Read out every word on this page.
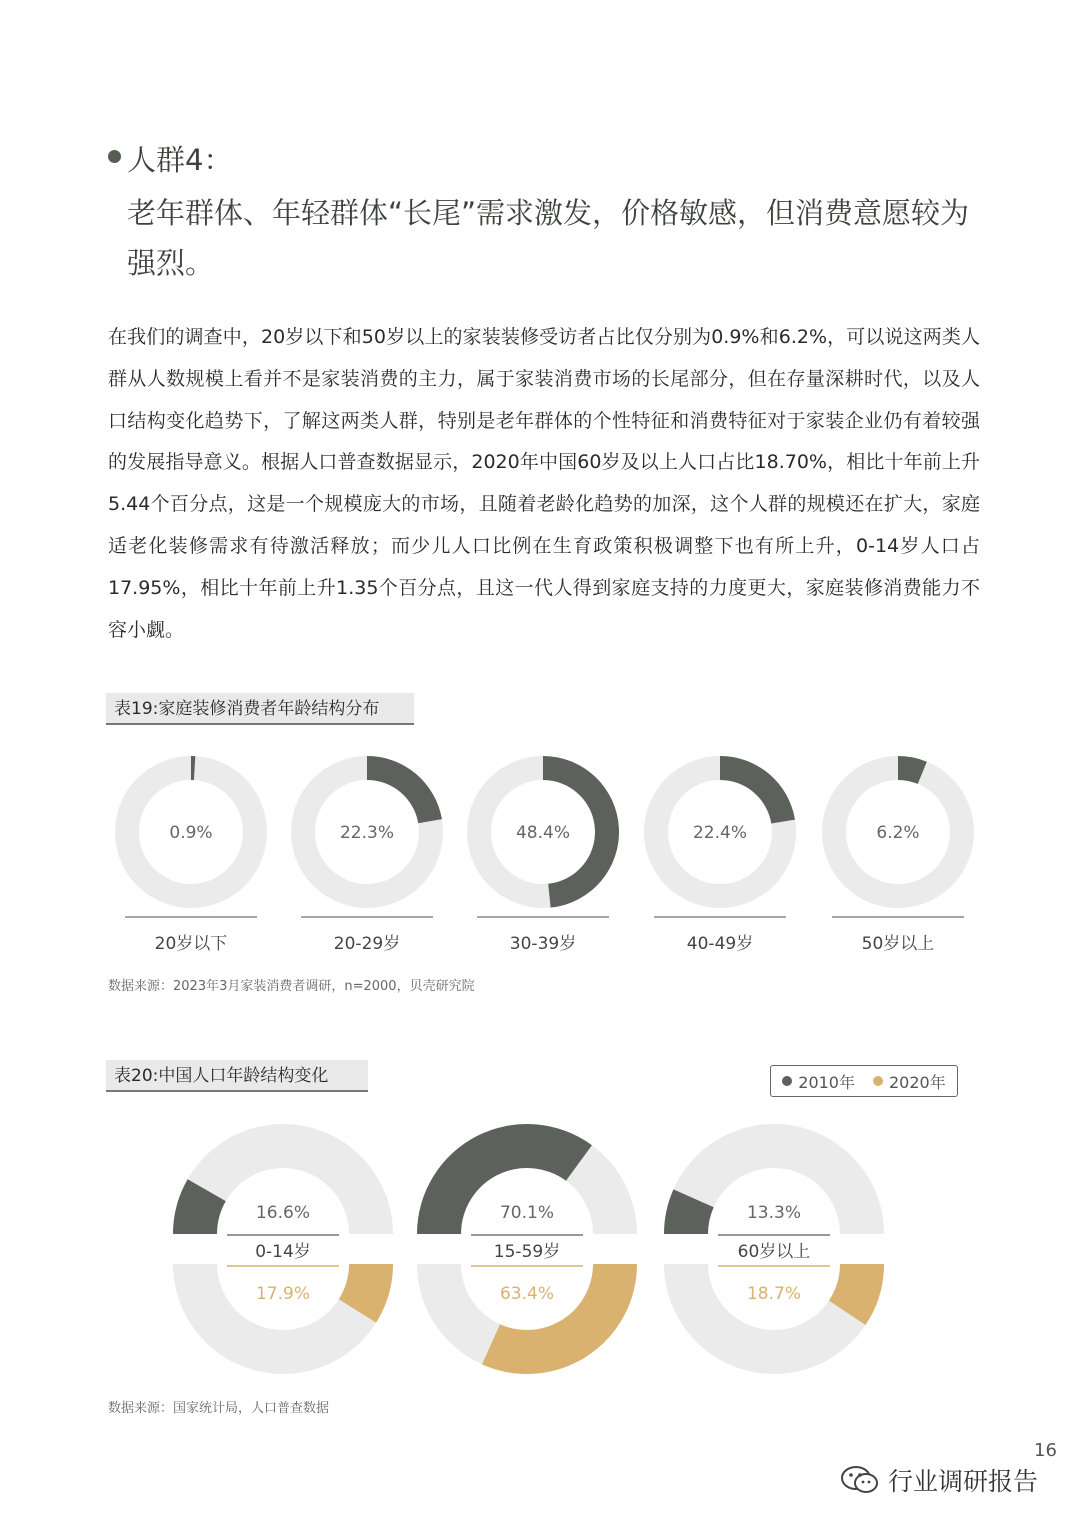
人群4：
老年群体、年轻群体“长尾”需求激发，价格敏感，但消费意愿较为强烈。
在我们的调查中，20岁以下和50岁以上的家装装修受访者占比仅分别为0.9%和6.2%，可以说这两类人群从人数规模上看并不是家装消费的主力，属于家装消费市场的长尾部分，但在存量深耕时代，以及人口结构变化趋势下，了解这两类人群，特别是老年群体的个性特征和消费特征对于家装企业仍有着较强的发展指导意义。根据人口普查数据显示，2020年中国60岁及以上人口占比18.70%，相比十年前上升5.44个百分点，这是一个规模庞大的市场，且随着老龄化趋势的加深，这个人群的规模还在扩大，家庭适老化装修需求有待激活释放；而少儿人口比例在生育政策积极调整下也有所上升，0-14岁人口占17.95%，相比十年前上升1.35个百分点，且这一代人得到家庭支持的力度更大，家庭装修消费能力不容小觑。
表19:家庭装修消费者年龄结构分布
表20:中国人口年龄结构变化	2010年 2020年
数据来源：2023年3月家装消费者调研，n=2000，贝壳研究院
数据来源：国家统计局，人口普查数据
0.9%
20岁以下
22.3%
20-29岁
48.4%
30-39岁
22.4%
40-49岁
6.2%
50岁以上
16.6%
0-14岁
17.9%
70.1%
15-59岁
63.4%
13.3%
60岁以上
18.7%
16
行业调研报告
